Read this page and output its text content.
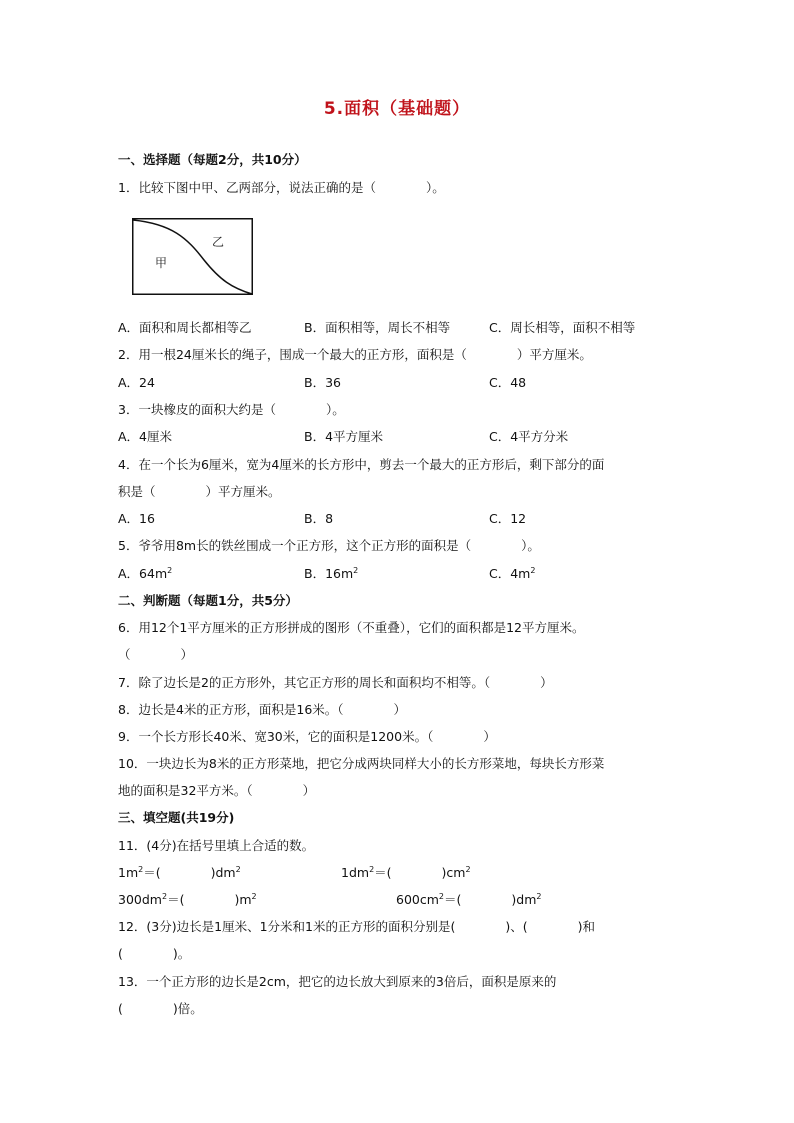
5.面积（基础题）
一、选择题（每题2分，共10分）
1．比较下图中甲、乙两部分，说法正确的是（　　　　）。
乙
甲
A．面积和周长都相等乙	B．面积相等，周长不相等	C．周长相等，面积不相等
2．用一根24厘米长的绳子，围成一个最大的正方形，面积是（　　　　）平方厘米。
A．24	B．36	C．48
3．一块橡皮的面积大约是（　　　　）。
A．4厘米	B．4平方厘米	C．4平方分米
4．在一个长为6厘米，宽为4厘米的长方形中，剪去一个最大的正方形后，剩下部分的面
积是（　　　　）平方厘米。
A．16	B．8	C．12
5．爷爷用8m长的铁丝围成一个正方形，这个正方形的面积是（　　　　）。
A．$64m^2$	B．$16m^2$	C．$4m^2$
二、判断题（每题1分，共5分）
6．用12个1平方厘米的正方形拼成的图形（不重叠），它们的面积都是12平方厘米。
（　　　　）
7．除了边长是2的正方形外，其它正方形的周长和面积均不相等。（　　　　）
8．边长是4米的正方形，面积是16米。（　　　　）
9．一个长方形长40米、宽30米，它的面积是1200米。（　　　　）
10．一块边长为8米的正方形菜地，把它分成两块同样大小的长方形菜地，每块长方形菜
地的面积是32平方米。（　　　　）
三、填空题(共19分)
11．(4分)在括号里填上合适的数。
$1m^2=$(　　　　)$dm^2$	$1dm^2=$(　　　　)$cm^2$
$300dm^2=$(　　　　)$m^2$	$600cm^2=$(　　　　)$dm^2$
12．(3分)边长是1厘米、1分米和1米的正方形的面积分别是(　　　　)、(　　　　)和
(　　　　)。
13．一个正方形的边长是2cm，把它的边长放大到原来的3倍后，面积是原来的
(　　　　)倍。
